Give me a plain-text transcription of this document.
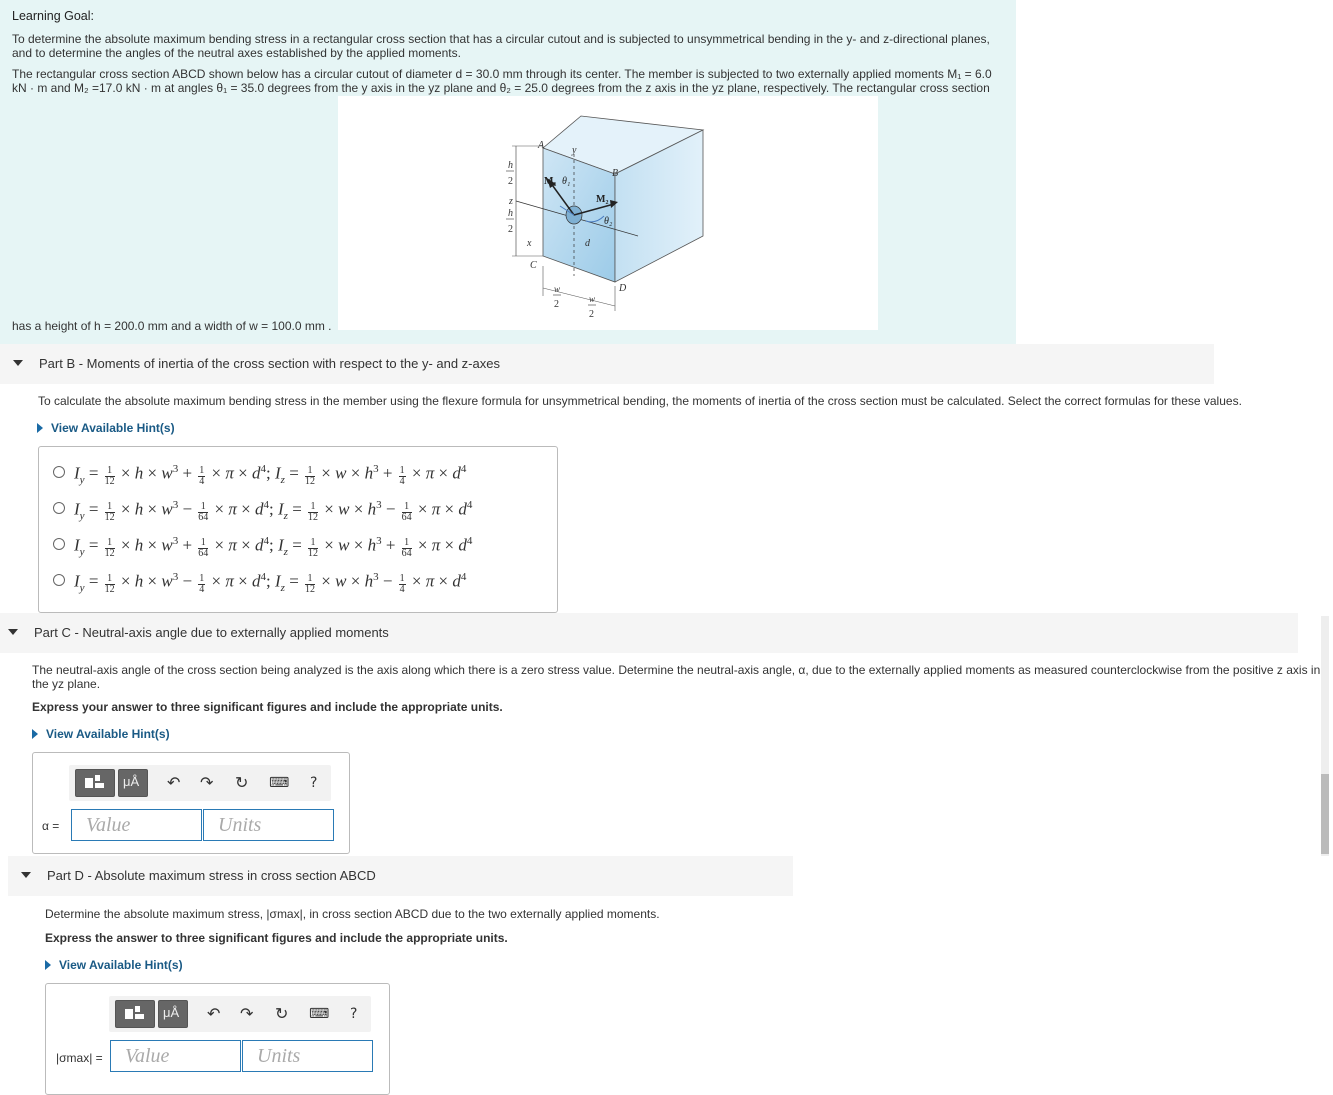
Learning Goal:

To determine the absolute maximum bending stress in a rectangular cross section that has a circular cutout and is subjected to unsymmetrical bending in the y- and z-directional planes, and to determine the angles of the neutral axes established by the applied moments.

The rectangular cross section ABCD shown below has a circular cutout of diameter d = 30.0 mm through its center. The member is subjected to two externally applied moments M₁ = 6.0

kN · m and M₂ =17.0 kN · m at angles θ₁ = 35.0 degrees from the y axis in the yz plane and θ₂ = 25.0 degrees from the z axis in the yz plane, respectively. The rectangular cross section

has a height of h = 200.0 mm and a width of w = 100.0 mm .

A
B
C
D
y
z
x
M₁ θ₁
M₂
θ₂
d
h
2
h
2
w
2	w
2
Part B - Moments of inertia of the cross section with respect to the y- and z-axes

To calculate the absolute maximum bending stress in the member using the flexure formula for unsymmetrical bending, the moments of inertia of the cross section must be calculated. Select the correct formulas for these values.

View Available Hint(s)
$I_y = \frac{1}{12} \times h \times w^3 + \frac{1}{4} \times \pi \times d^4$; $I_z = \frac{1}{12} \times w \times h^3 + \frac{1}{4} \times \pi \times d^4$
$I_y = \frac{1}{12} \times h \times w^3 - \frac{1}{64} \times \pi \times d^4$; $I_z = \frac{1}{12} \times w \times h^3 - \frac{1}{64} \times \pi \times d^4$
$I_y = \frac{1}{12} \times h \times w^3 + \frac{1}{64} \times \pi \times d^4$; $I_z = \frac{1}{12} \times w \times h^3 + \frac{1}{64} \times \pi \times d^4$
$I_y = \frac{1}{12} \times h \times w^3 - \frac{1}{4} \times \pi \times d^4$; $I_z = \frac{1}{12} \times w \times h^3 - \frac{1}{4} \times \pi \times d^4$
Part C - Neutral-axis angle due to externally applied moments

The neutral-axis angle of the cross section being analyzed is the axis along which there is a zero stress value. Determine the neutral-axis angle, α, due to the externally applied moments as measured counterclockwise from the positive z axis in

the yz plane.

Express your answer to three significant figures and include the appropriate units.

View Available Hint(s)
μÅ ↶ ↷ ↻ ⌨ ?
α =	Value	Units
Part D - Absolute maximum stress in cross section ABCD

Determine the absolute maximum stress, |σmax|, in cross section ABCD due to the two externally applied moments.

Express the answer to three significant figures and include the appropriate units.

View Available Hint(s)
μÅ ↶ ↷ ↻ ⌨ ?
|σmax| =	Value	Units
